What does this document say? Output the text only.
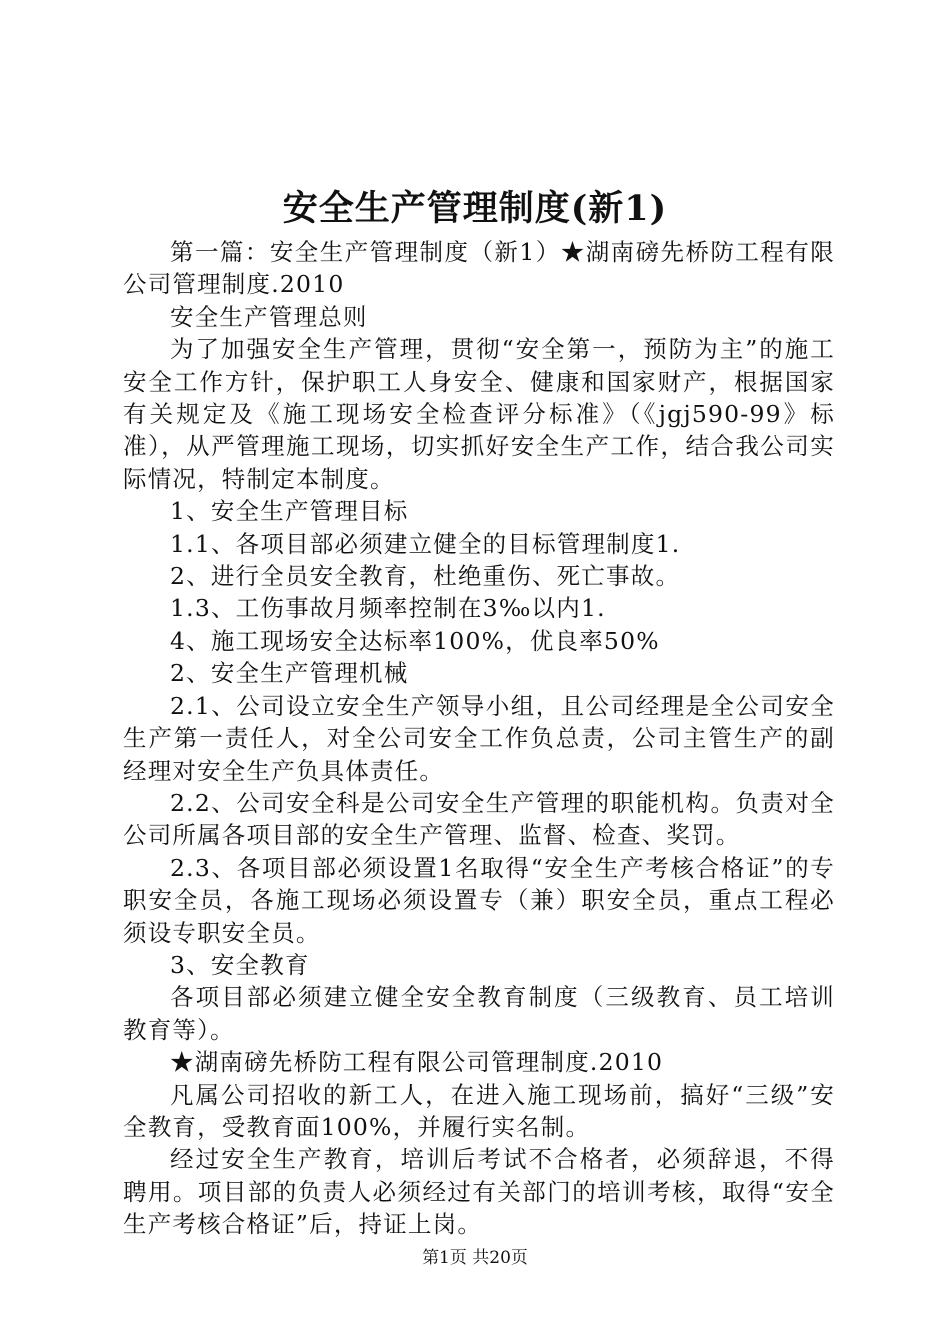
安全生产管理制度(新1)

第一篇：安全生产管理制度（新1）★湖南磅先桥防工程有限公司管理制度.2010

安全生产管理总则

为了加强安全生产管理，贯彻“安全第一，预防为主”的施工安全工作方针，保护职工人身安全、健康和国家财产，根据国家有关规定及《施工现场安全检查评分标准》（《jgj590-99》标准），从严管理施工现场，切实抓好安全生产工作，结合我公司实际情况，特制定本制度。

1、安全生产管理目标

1.1、各项目部必须建立健全的目标管理制度1.

2、进行全员安全教育，杜绝重伤、死亡事故。

1.3、工伤事故月频率控制在3‰以内1.

4、施工现场安全达标率100%，优良率50%

2、安全生产管理机械

2.1、公司设立安全生产领导小组，且公司经理是全公司安全生产第一责任人，对全公司安全工作负总责，公司主管生产的副经理对安全生产负具体责任。

2.2、公司安全科是公司安全生产管理的职能机构。负责对全公司所属各项目部的安全生产管理、监督、检查、奖罚。

2.3、各项目部必须设置1名取得“安全生产考核合格证”的专职安全员，各施工现场必须设置专（兼）职安全员，重点工程必须设专职安全员。

3、安全教育

各项目部必须建立健全安全教育制度（三级教育、员工培训教育等）。

★湖南磅先桥防工程有限公司管理制度.2010

凡属公司招收的新工人，在进入施工现场前，搞好“三级”安全教育，受教育面100%，并履行实名制。

经过安全生产教育，培训后考试不合格者，必须辞退，不得聘用。项目部的负责人必须经过有关部门的培训考核，取得“安全生产考核合格证”后，持证上岗。

第1页 共20页
